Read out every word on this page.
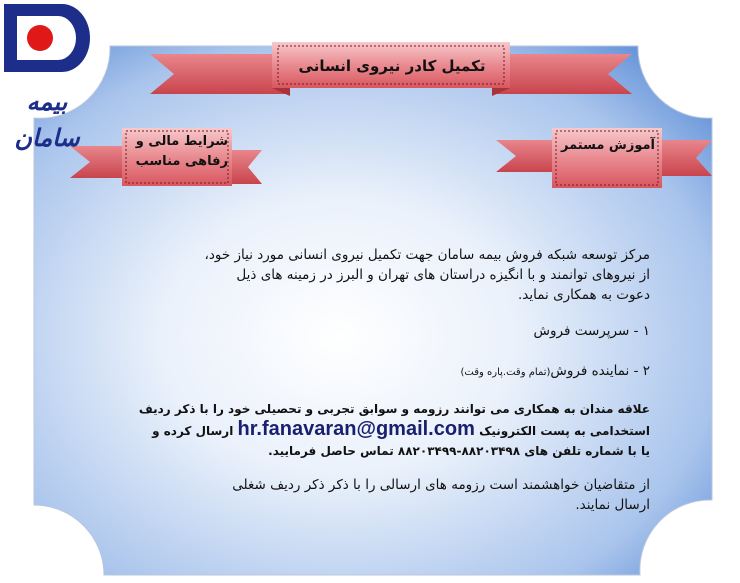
بیمه سامان
تکمیل کادر نیروی انسانی
شرایط مالی و
رفاهی مناسب
آموزش مستمر
مرکز توسعه شبکه فروش بیمه سامان جهت تکمیل نیروی انسانی مورد نیاز خود،
از نیروهای توانمند و با انگیزه دراستان های تهران و البرز در زمینه های ذیل
دعوت به همکاری نماید.
۱ - سرپرست فروش
۲ - نماینده فروش(تمام وقت.پاره وقت)
علاقه مندان به همکاری می توانند رزومه و سوابق تجربی و تحصیلی خود را با ذکر ردیف
استخدامی به پست الکترونیک hr.fanavaran@gmail.com ارسال کرده و
یا با شماره تلفن های ۸۸۲۰۳۴۹۸-۸۸۲۰۳۴۹۹ تماس حاصل فرمایید.
از متقاضیان خواهشمند است رزومه های ارسالی را با ذکر ذکر ردیف شغلی
ارسال نمایند.
